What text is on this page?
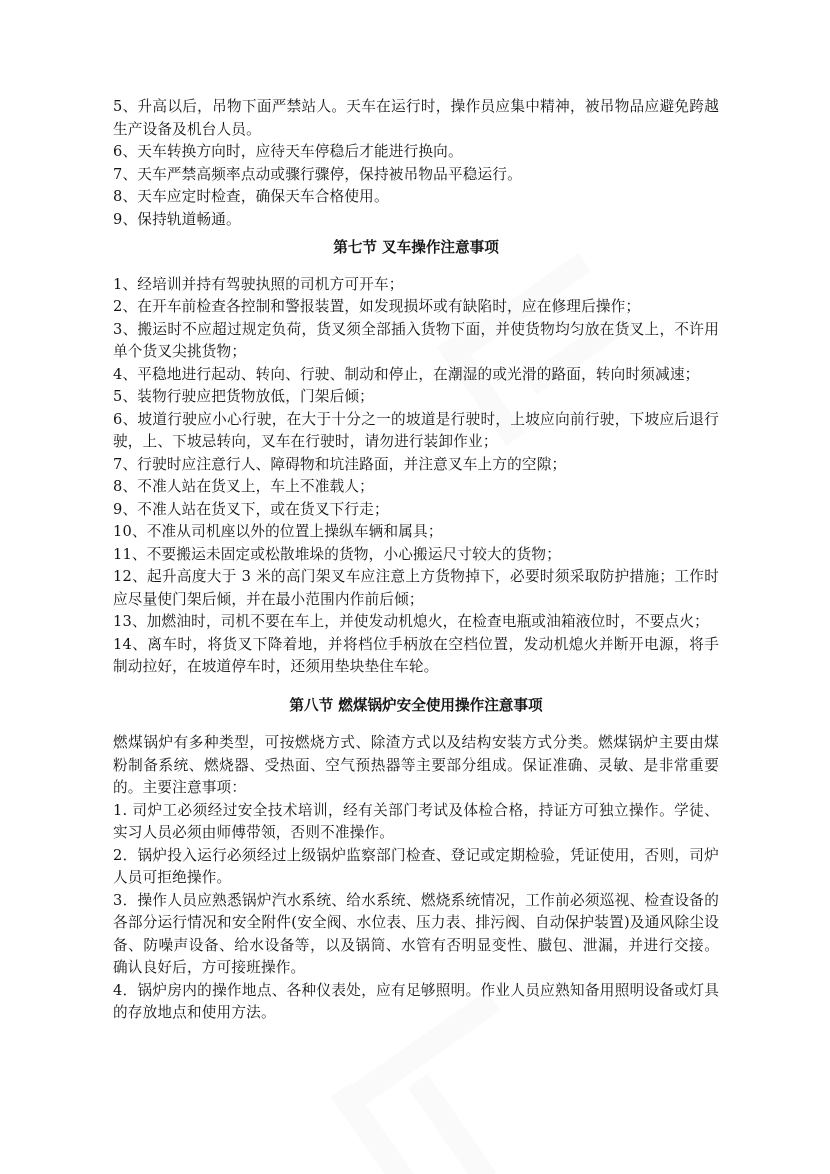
5、升高以后，吊物下面严禁站人。天车在运行时，操作员应集中精神，被吊物品应避免跨越生产设备及机台人员。

6、天车转换方向时，应待天车停稳后才能进行换向。

7、天车严禁高频率点动或骤行骤停，保持被吊物品平稳运行。

8、天车应定时检查，确保天车合格使用。

9、保持轨道畅通。

第七节 叉车操作注意事项

1、经培训并持有驾驶执照的司机方可开车；

2、在开车前检查各控制和警报装置，如发现损坏或有缺陷时，应在修理后操作；

3、搬运时不应超过规定负荷，货叉须全部插入货物下面，并使货物均匀放在货叉上，不许用单个货叉尖挑货物；

4、平稳地进行起动、转向、行驶、制动和停止，在潮湿的或光滑的路面，转向时须减速；

5、装物行驶应把货物放低，门架后倾；

6、坡道行驶应小心行驶，在大于十分之一的坡道是行驶时，上坡应向前行驶，下坡应后退行驶，上、下坡忌转向，叉车在行驶时，请勿进行装卸作业；

7、行驶时应注意行人、障碍物和坑洼路面，并注意叉车上方的空隙；

8、不准人站在货叉上，车上不准载人；

9、不准人站在货叉下，或在货叉下行走；

10、不准从司机座以外的位置上操纵车辆和属具；

11、不要搬运未固定或松散堆垛的货物，小心搬运尺寸较大的货物；

12、起升高度大于 3 米的高门架叉车应注意上方货物掉下，必要时须采取防护措施；工作时应尽量使门架后倾，并在最小范围内作前后倾；

13、加燃油时，司机不要在车上，并使发动机熄火，在检查电瓶或油箱液位时，不要点火；

14、离车时，将货叉下降着地，并将档位手柄放在空档位置，发动机熄火并断开电源，将手制动拉好，在坡道停车时，还须用垫块垫住车轮。

第八节 燃煤锅炉安全使用操作注意事项

燃煤锅炉有多种类型，可按燃烧方式、除渣方式以及结构安装方式分类。燃煤锅炉主要由煤粉制备系统、燃烧器、受热面、空气预热器等主要部分组成。保证准确、灵敏、是非常重要的。主要注意事项：

1. 司炉工必须经过安全技术培训，经有关部门考试及体检合格，持证方可独立操作。学徒、实习人员必须由师傅带领，否则不准操作。

2．锅炉投入运行必须经过上级锅炉监察部门检查、登记或定期检验，凭证使用，否则，司炉人员可拒绝操作。

3．操作人员应熟悉锅炉汽水系统、给水系统、燃烧系统情况，工作前必须巡视、检查设备的各部分运行情况和安全附件(安全阀、水位表、压力表、排污阀、自动保护装置)及通风除尘设备、防噪声设备、给水设备等，以及锅筒、水管有否明显变性、臌包、泄漏，并进行交接。确认良好后，方可接班操作。

4．锅炉房内的操作地点、各种仪表处，应有足够照明。作业人员应熟知备用照明设备或灯具的存放地点和使用方法。
